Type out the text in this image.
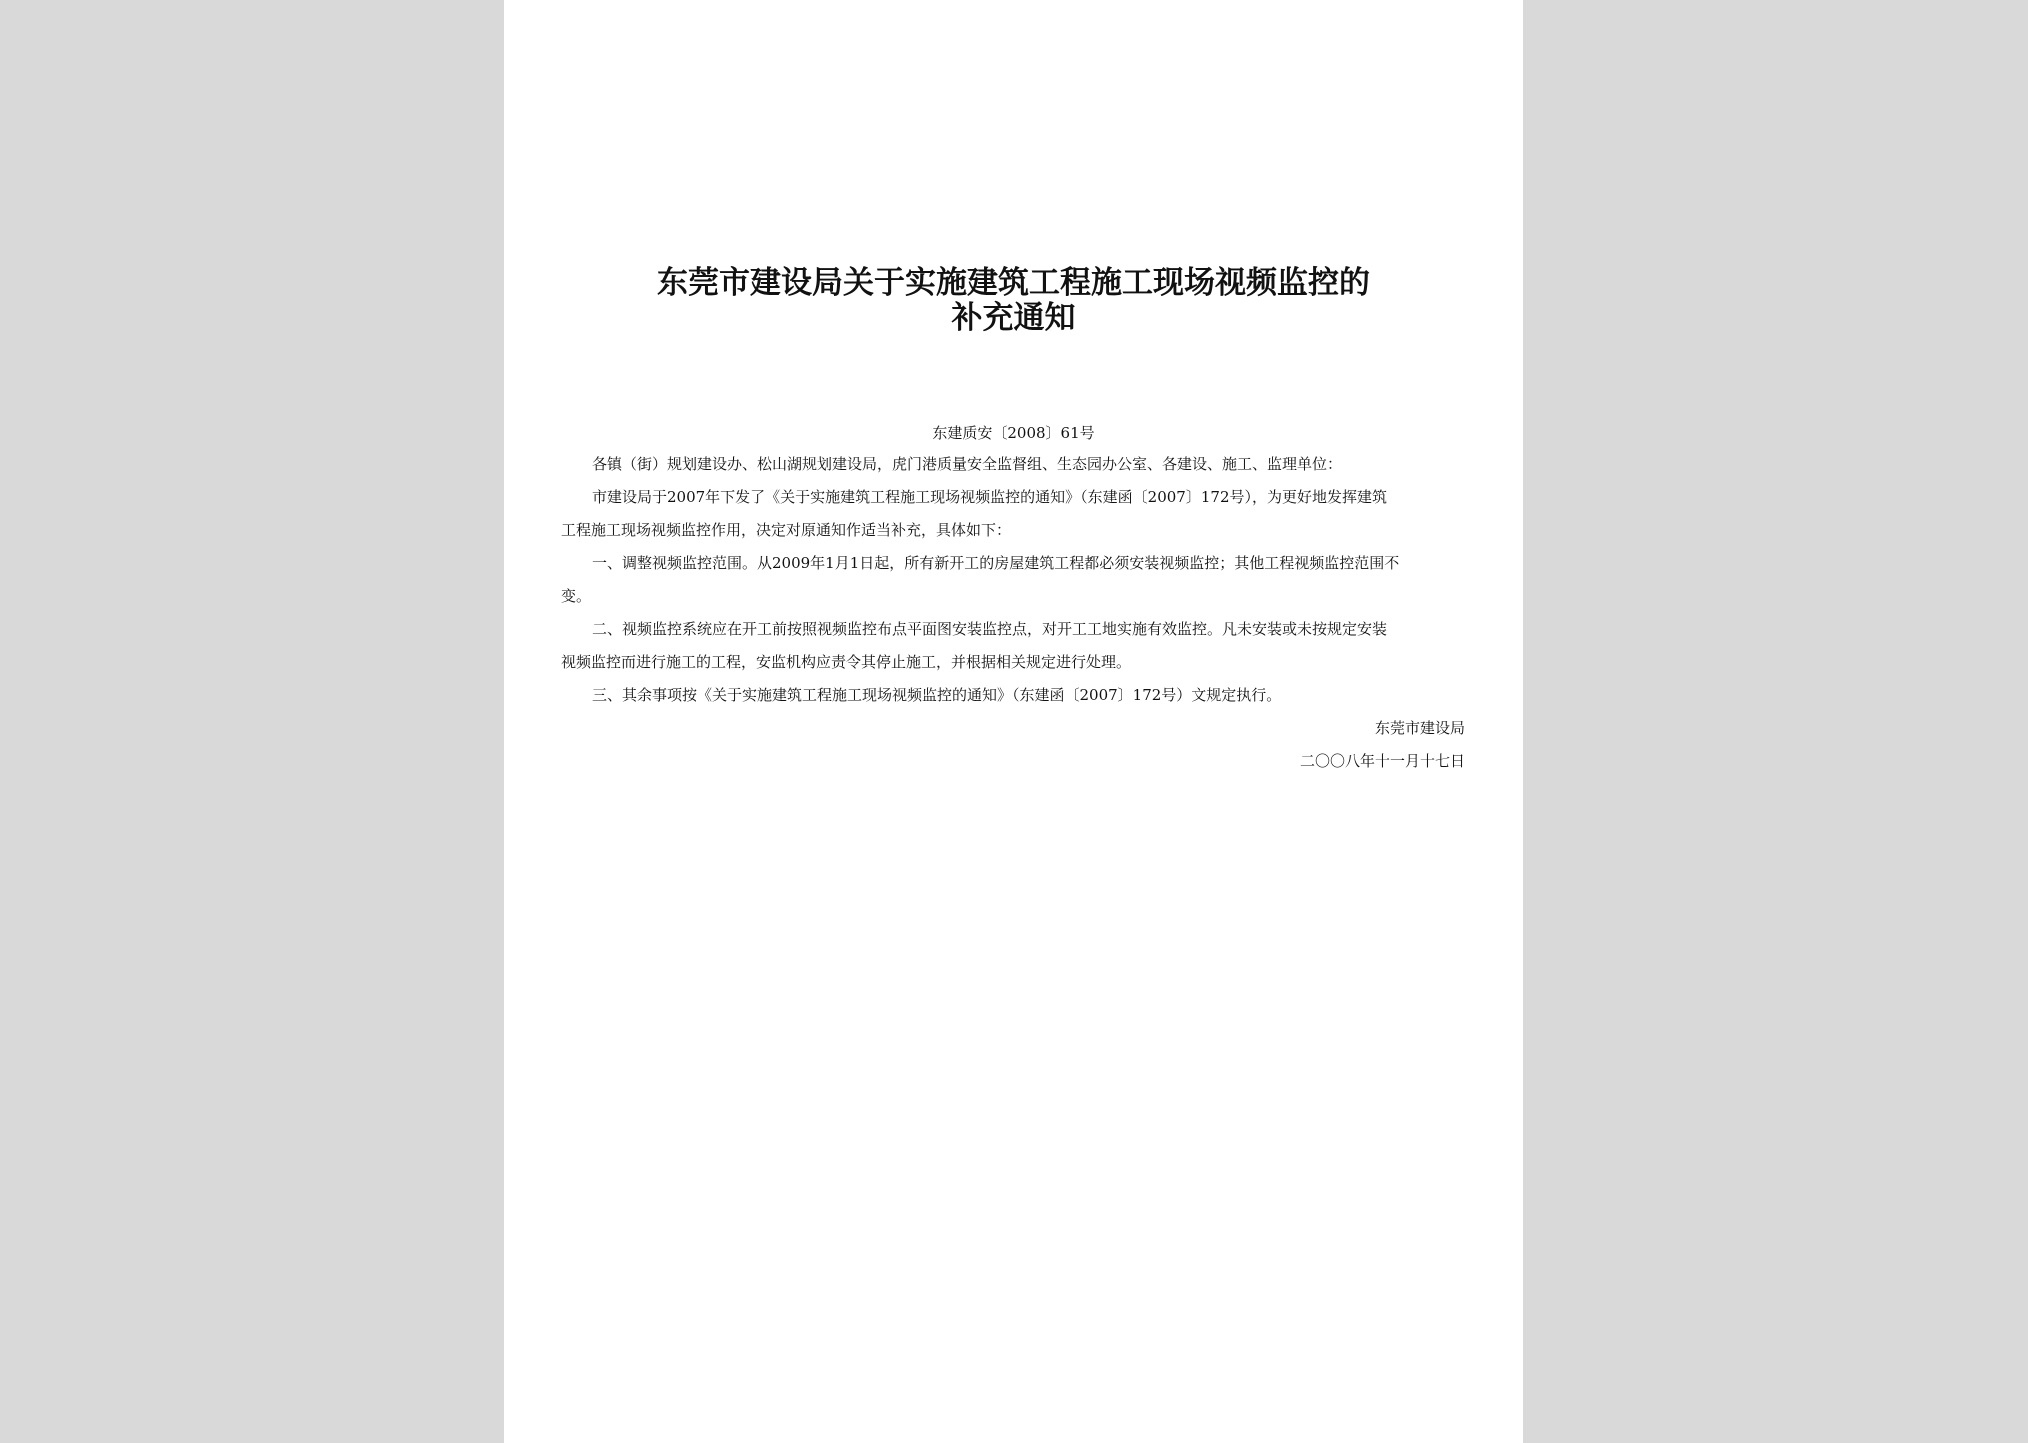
东莞市建设局关于实施建筑工程施工现场视频监控的
补充通知
东建质安〔2008〕61号
各镇（街）规划建设办、松山湖规划建设局，虎门港质量安全监督组、生态园办公室、各建设、施工、监理单位：
市建设局于2007年下发了《关于实施建筑工程施工现场视频监控的通知》（东建函〔2007〕172号），为更好地发挥建筑
工程施工现场视频监控作用，决定对原通知作适当补充，具体如下：
一、调整视频监控范围。从2009年1月1日起，所有新开工的房屋建筑工程都必须安装视频监控；其他工程视频监控范围不
变。
二、视频监控系统应在开工前按照视频监控布点平面图安装监控点，对开工工地实施有效监控。凡未安装或未按规定安装
视频监控而进行施工的工程，安监机构应责令其停止施工，并根据相关规定进行处理。
三、其余事项按《关于实施建筑工程施工现场视频监控的通知》（东建函〔2007〕172号）文规定执行。
东莞市建设局
二〇〇八年十一月十七日
